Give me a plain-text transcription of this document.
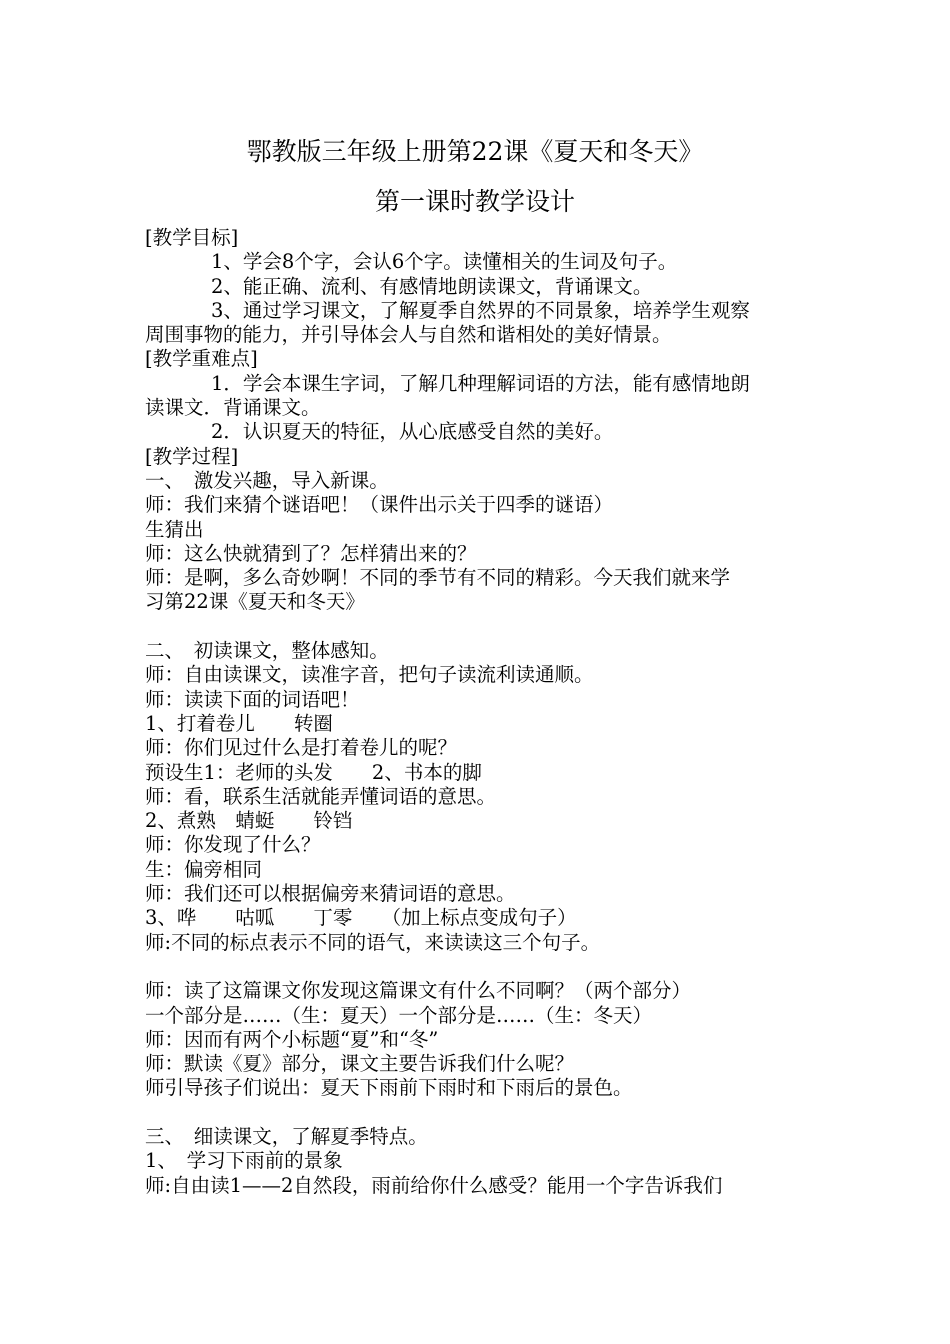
鄂教版三年级上册第22课《夏天和冬天》
第一课时教学设计
[教学目标]
1、学会8个字，会认6个字。读懂相关的生词及句子。
2、能正确、流利、有感情地朗读课文，背诵课文。
3、通过学习课文，了解夏季自然界的不同景象，培养学生观察
周围事物的能力，并引导体会人与自然和谐相处的美好情景。
[教学重难点]
1．学会本课生字词，了解几种理解词语的方法，能有感情地朗
读课文．背诵课文。
2．认识夏天的特征，从心底感受自然的美好。
[教学过程]
一、　激发兴趣，导入新课。
师：我们来猜个谜语吧！（课件出示关于四季的谜语）
生猜出
师：这么快就猜到了？怎样猜出来的？
师：是啊，多么奇妙啊！不同的季节有不同的精彩。今天我们就来学
习第22课《夏天和冬天》
二、　初读课文，整体感知。
师：自由读课文，读准字音，把句子读流利读通顺。
师：读读下面的词语吧！
1、打着卷儿　　转圈
师：你们见过什么是打着卷儿的呢？
预设生1：老师的头发　　2、书本的脚
师：看，联系生活就能弄懂词语的意思。
2、煮熟　蜻蜓　　铃铛
师：你发现了什么？
生：偏旁相同
师：我们还可以根据偏旁来猜词语的意思。
3、哗　　咕呱　　丁零　　（加上标点变成句子）
师:不同的标点表示不同的语气，来读读这三个句子。
师：读了这篇课文你发现这篇课文有什么不同啊？（两个部分）
一个部分是……（生：夏天）一个部分是……（生：冬天）
师：因而有两个小标题“夏”和“冬”
师：默读《夏》部分，课文主要告诉我们什么呢？
师引导孩子们说出：夏天下雨前下雨时和下雨后的景色。
三、　细读课文，了解夏季特点。
1、　学习下雨前的景象
师:自由读1——2自然段，雨前给你什么感受？能用一个字告诉我们
